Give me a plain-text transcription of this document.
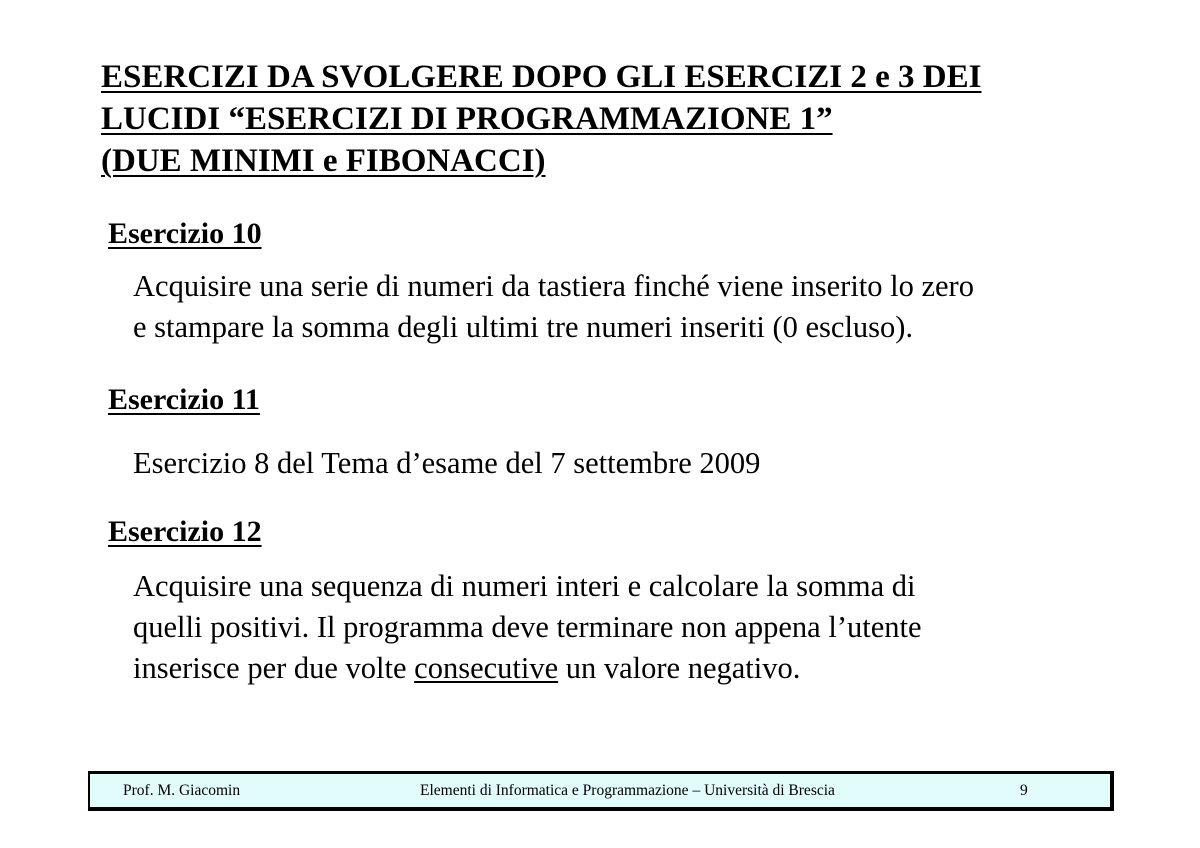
ESERCIZI DA SVOLGERE DOPO GLI ESERCIZI 2 e 3 DEI
LUCIDI “ESERCIZI DI PROGRAMMAZIONE 1”
(DUE MINIMI e FIBONACCI)
Esercizio 10

Acquisire una serie di numeri da tastiera finché viene inserito lo zero
e stampare la somma degli ultimi tre numeri inseriti (0 escluso).

Esercizio 11

Esercizio 8 del Tema d’esame del 7 settembre 2009

Esercizio 12

Acquisire una sequenza di numeri interi e calcolare la somma di
quelli positivi. Il programma deve terminare non appena l’utente
inserisce per due volte consecutive un valore negativo.

Prof. M. Giacomin	Elementi di Informatica e Programmazione – Università di Brescia	9
